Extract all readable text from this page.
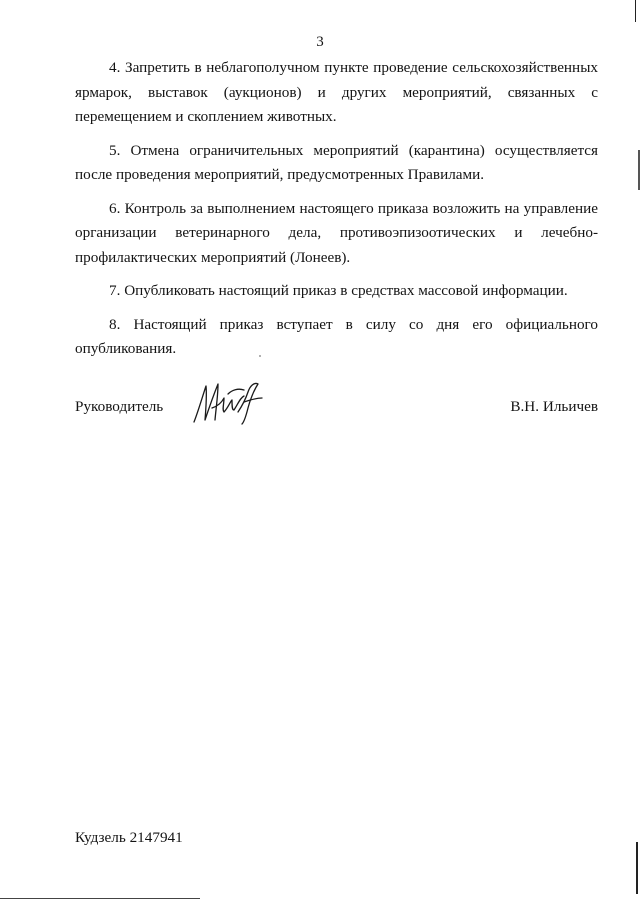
3

4. Запретить в неблагополучном пункте проведение сельскохозяйственных ярмарок, выставок (аукционов) и других мероприятий, связанных с перемещением и скоплением животных.

5. Отмена ограничительных мероприятий (карантина) осуществляется после проведения мероприятий, предусмотренных Правилами.

6. Контроль за выполнением настоящего приказа возложить на управление организации ветеринарного дела, противоэпизоотических и лечебно-профилактических мероприятий (Лонеев).

7. Опубликовать настоящий приказ в средствах массовой информации.

8. Настоящий приказ вступает в силу со дня его официального опубликования.

Руководитель	В.Н. Ильичев
Кудзель 2147941
